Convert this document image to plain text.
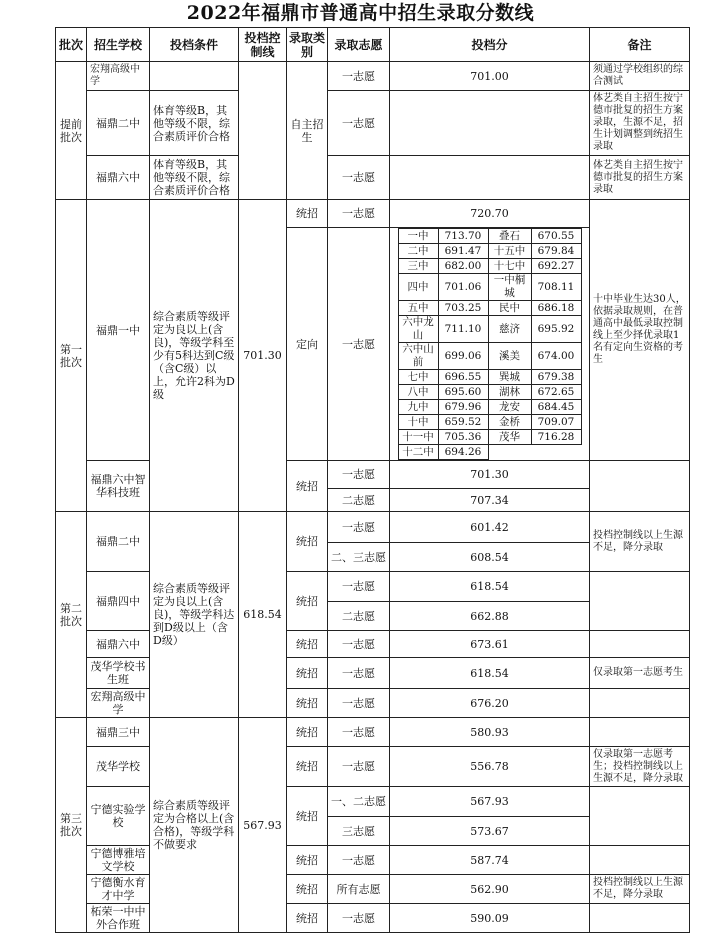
2022年福鼎市普通高中招生录取分数线
批次	招生学校	投档条件	投档控制线	录取类别	录取志愿	投档分	备注
提前批次	宏翔高级中学			自主招生	一志愿	701.00	须通过学校组织的综合测试
福鼎二中	体育等级B，其他等级不限，综合素质评价合格	一志愿		体艺类自主招生按宁德市批复的招生方案录取，生源不足，招生计划调整到统招生录取
福鼎六中	体育等级B，其他等级不限，综合素质评价合格	一志愿		体艺类自主招生按宁德市批复的招生方案录取
第一批次	福鼎一中	综合素质等级评定为良以上(含良)，等级学科至少有5科达到C级（含C级）以上，允许2科为D级	701.30	统招	一志愿	720.70	十中毕业生达30人，依据录取规则，在普通高中最低录取控制线上至少择优录取1名有定向生资格的考生
定向	一志愿	
一中	713.70	叠石	670.55
二中	691.47	十五中	679.84
三中	682.00	十七中	692.27
四中	701.06	一中桐城	708.11
五中	703.25	民中	686.18
六中龙山	711.10	慈济	695.92
六中山前	699.06	溪美	674.00
七中	696.55	巽城	679.38
八中	695.60	湖林	672.65
九中	679.96	龙安	684.45
十中	659.52	金桥	709.07
十一中	705.36	茂华	716.28
十二中	694.26	

福鼎六中智华科技班	统招	一志愿	701.30	
二志愿	707.34
第二批次	福鼎二中	综合素质等级评定为良以上(含良)，等级学科达到D级以上（含D级）	618.54	统招	一志愿	601.42	投档控制线以上生源不足，降分录取
二、三志愿	608.54
福鼎四中	统招	一志愿	618.54	
二志愿	662.88
福鼎六中	统招	一志愿	673.61	
茂华学校书生班	统招	一志愿	618.54	仅录取第一志愿考生
宏翔高级中学	统招	一志愿	676.20	
第三批次	福鼎三中	综合素质等级评定为合格以上(含合格)，等级学科不做要求	567.93	统招	一志愿	580.93	
茂华学校	统招	一志愿	556.78	仅录取第一志愿考生；投档控制线以上生源不足，降分录取
宁德实验学校	统招	一、二志愿	567.93	
三志愿	573.67
宁德博雅培文学校	统招	一志愿	587.74	
宁德衡水育才中学	统招	所有志愿	562.90	投档控制线以上生源不足，降分录取
柘荣一中中外合作班	统招	一志愿	590.09	
